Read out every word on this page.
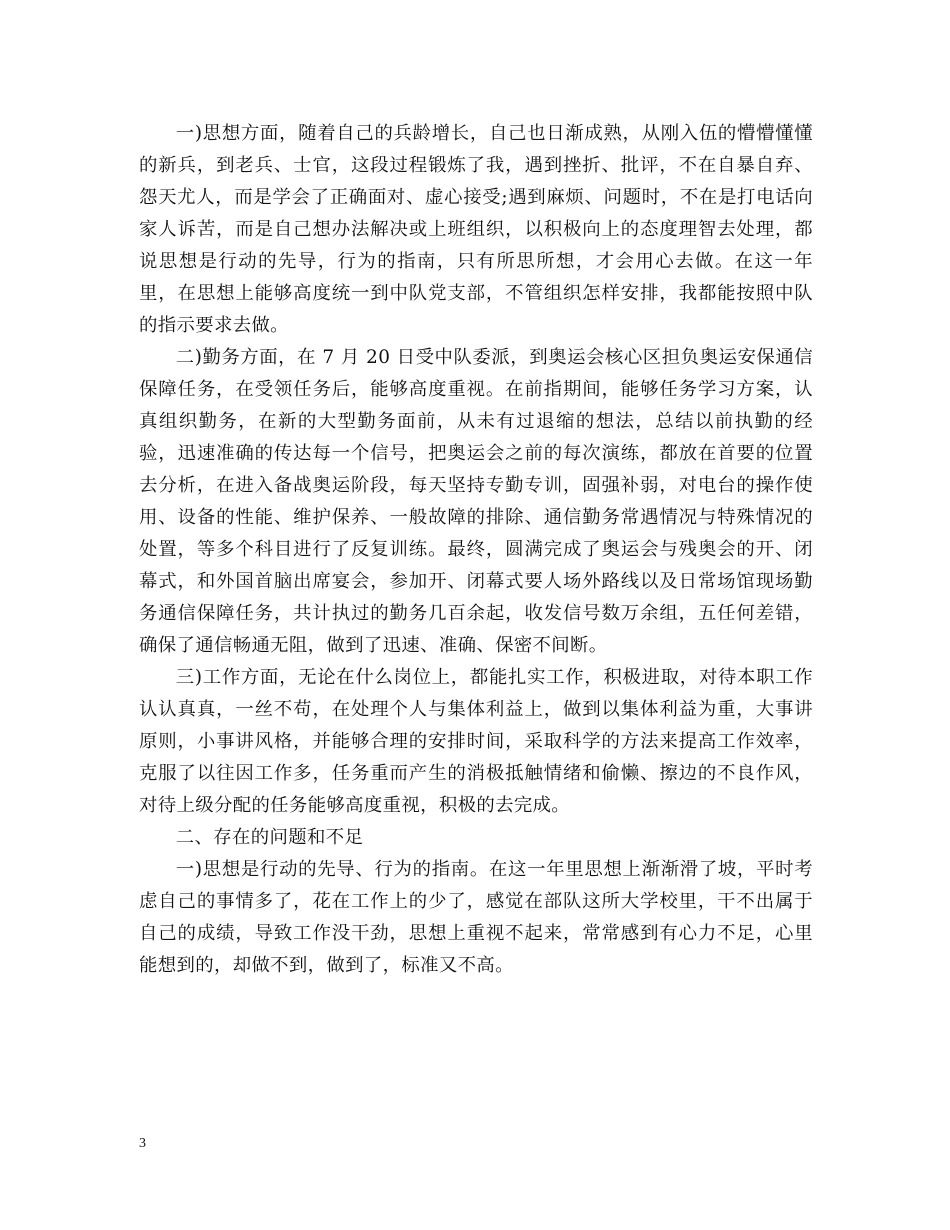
一)思想方面，随着自己的兵龄增长，自己也日渐成熟，从刚入伍的懵懵懂懂的新兵，到老兵、士官，这段过程锻炼了我，遇到挫折、批评，不在自暴自弃、怨天尤人，而是学会了正确面对、虚心接受;遇到麻烦、问题时，不在是打电话向家人诉苦，而是自己想办法解决或上班组织，以积极向上的态度理智去处理，都说思想是行动的先导，行为的指南，只有所思所想，才会用心去做。在这一年里，在思想上能够高度统一到中队党支部，不管组织怎样安排，我都能按照中队的指示要求去做。

二)勤务方面，在 7 月 20 日受中队委派，到奥运会核心区担负奥运安保通信保障任务，在受领任务后，能够高度重视。在前指期间，能够任务学习方案，认真组织勤务，在新的大型勤务面前，从未有过退缩的想法，总结以前执勤的经验，迅速准确的传达每一个信号，把奥运会之前的每次演练，都放在首要的位置去分析，在进入备战奥运阶段，每天坚持专勤专训，固强补弱，对电台的操作使用、设备的性能、维护保养、一般故障的排除、通信勤务常遇情况与特殊情况的处置，等多个科目进行了反复训练。最终，圆满完成了奥运会与残奥会的开、闭幕式，和外国首脑出席宴会，参加开、闭幕式要人场外路线以及日常场馆现场勤务通信保障任务，共计执过的勤务几百余起，收发信号数万余组，五任何差错，确保了通信畅通无阻，做到了迅速、准确、保密不间断。

三)工作方面，无论在什么岗位上，都能扎实工作，积极进取，对待本职工作认认真真，一丝不苟，在处理个人与集体利益上，做到以集体利益为重，大事讲原则，小事讲风格，并能够合理的安排时间，采取科学的方法来提高工作效率，克服了以往因工作多，任务重而产生的消极抵触情绪和偷懒、擦边的不良作风，对待上级分配的任务能够高度重视，积极的去完成。

二、存在的问题和不足

一)思想是行动的先导、行为的指南。在这一年里思想上渐渐滑了坡，平时考虑自己的事情多了，花在工作上的少了，感觉在部队这所大学校里，干不出属于自己的成绩，导致工作没干劲，思想上重视不起来，常常感到有心力不足，心里能想到的，却做不到，做到了，标准又不高。

3
